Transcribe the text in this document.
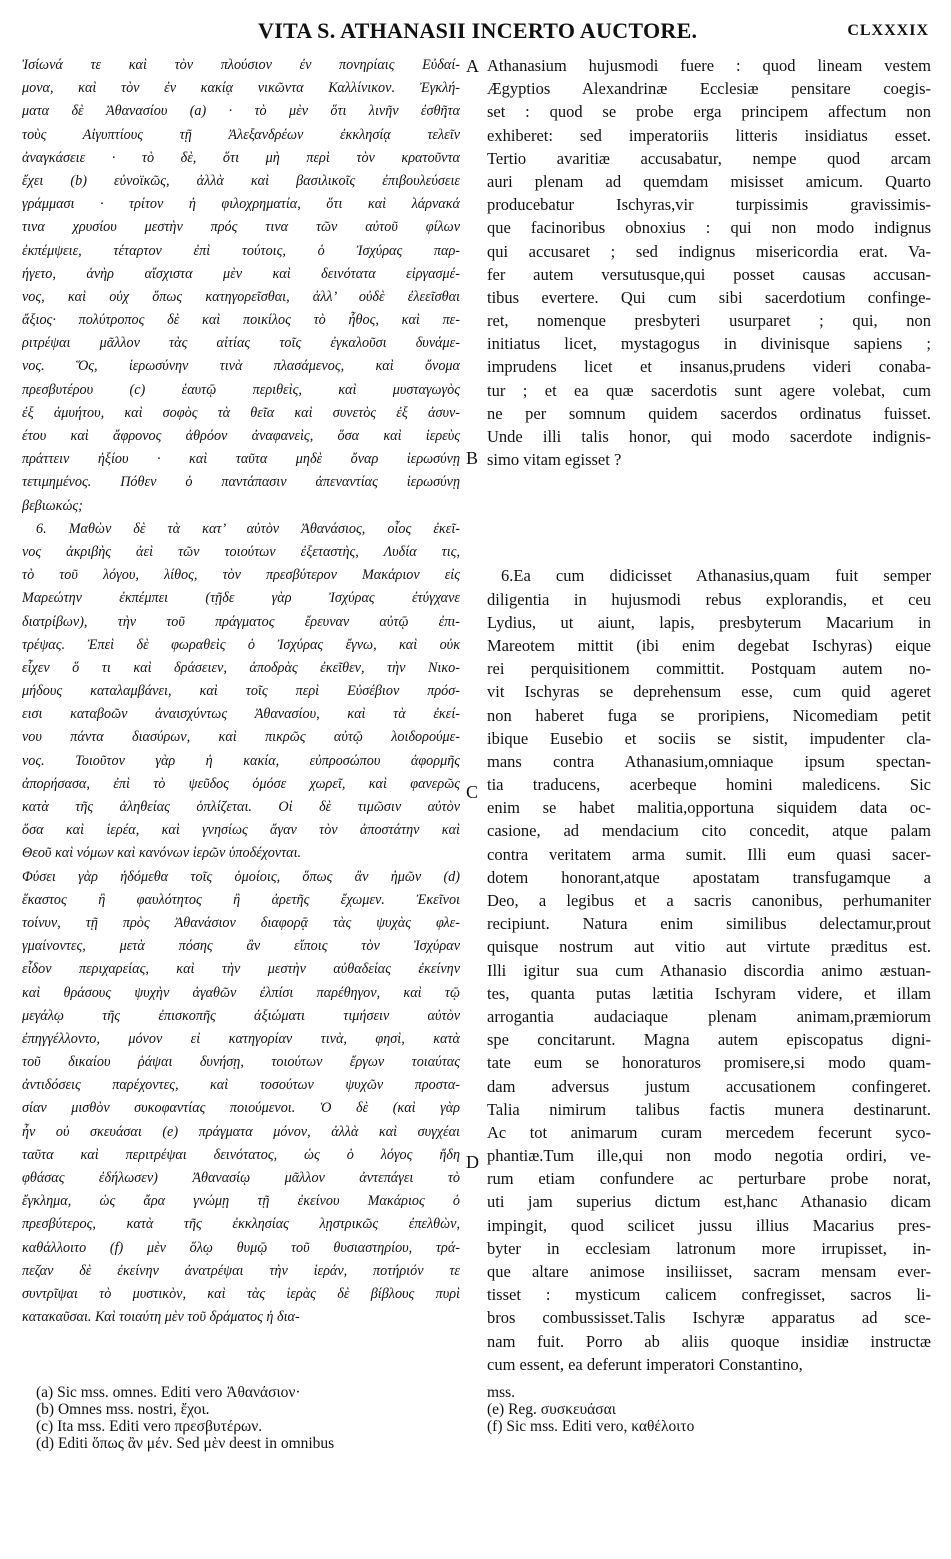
VITA S. ATHANASII INCERTO AUCTORE.	CLXXXIX
Ἰσίωνά τε καὶ τὸν πλούσιον ἐν πονηρίαις Εὐδαί-
μονα, καὶ τὸν ἐν κακίᾳ νικῶντα Καλλίνικον. Ἐγκλή-
ματα δὲ Ἀθανασίου (a) · τὸ μὲν ὅτι λινῆν ἐσθῆτα
τοὺς Αἰγυπτίους τῇ Ἀλεξανδρέων ἐκκλησίᾳ τελεῖν
ἀναγκάσειε · τὸ δὲ, ὅτι μὴ περὶ τὸν κρατοῦντα
ἔχει (b) εὐνοϊκῶς, ἀλλὰ καὶ βασιλικοῖς ἐπιβουλεύσειε
γράμμασι · τρίτον ἡ φιλοχρηματία, ὅτι καὶ λάρνακά
τινα χρυσίου μεστὴν πρός τινα τῶν αὐτοῦ φίλων
ἐκπέμψειε, τέταρτον ἐπὶ τούτοις, ὁ Ἰσχύρας παρ-
ήγετο, ἀνὴρ αἴσχιστα μὲν καὶ δεινότατα εἰργασμέ-
νος, καὶ οὐχ ὅπως κατηγορεῖσθαι, ἀλλ’ οὐδὲ ἐλεεῖσθαι
ἄξιος· πολύτροπος δὲ καὶ ποικίλος τὸ ἦθος, καὶ πε-
ριτρέψαι μᾶλλον τὰς αἰτίας τοῖς ἐγκαλοῦσι δυνάμε-
νος. Ὅς, ἱερωσύνην τινὰ πλασάμενος, καὶ ὄνομα
πρεσβυτέρου (c) ἑαυτῷ περιθεὶς, καὶ μυσταγωγὸς
ἐξ ἀμυήτου, καὶ σοφὸς τὰ θεῖα καὶ συνετὸς ἐξ ἀσυν-
έτου καὶ ἄφρονος ἀθρόον ἀναφανεὶς, ὅσα καὶ ἱερεὺς
πράττειν ἠξίου · καὶ ταῦτα μηδὲ ὄναρ ἱερωσύνῃ
τετιμημένος. Πόθεν ὁ παντάπασιν ἀπεναντίας ἱερωσύνῃ
βεβιωκώς;
6. Μαθὼν δὲ τὰ κατ’ αὐτὸν Ἀθανάσιος, οἷος ἐκεῖ-
νος ἀκριβὴς ἀεὶ τῶν τοιούτων ἐξεταστὴς, Λυδία τις,
τὸ τοῦ λόγου, λίθος, τὸν πρεσβύτερον Μακάριον εἰς
Μαρεώτην ἐκπέμπει (τῇδε γὰρ Ἰσχύρας ἐτύγχανε
διατρίβων), τὴν τοῦ πράγματος ἔρευναν αὐτῷ ἐπι-
τρέψας. Ἐπεὶ δὲ φωραθεὶς ὁ Ἰσχύρας ἔγνω, καὶ οὐκ
εἶχεν ὅ τι καὶ δράσειεν, ἀποδρὰς ἐκεῖθεν, τὴν Νικο-
μήδους καταλαμβάνει, καὶ τοῖς περὶ Εὐσέβιον πρόσ-
εισι καταβοῶν ἀναισχύντως Ἀθανασίου, καὶ τὰ ἐκεί-
νου πάντα διασύρων, καὶ πικρῶς αὐτῷ λοιδορούμε-
νος. Τοιοῦτον γὰρ ἡ κακία, εὐπροσώπου ἀφορμῆς
ἀπορήσασα, ἐπὶ τὸ ψεῦδος ὁμόσε χωρεῖ, καὶ φανερῶς
κατὰ τῆς ἀληθείας ὁπλίζεται. Οἱ δὲ τιμῶσιν αὐτὸν
ὅσα καὶ ἱερέα, καὶ γνησίως ἄγαν τὸν ἀποστάτην καὶ
Θεοῦ καὶ νόμων καὶ κανόνων ἱερῶν ὑποδέχονται.
Φύσει γὰρ ἡδόμεθα τοῖς ὁμοίοις, ὅπως ἂν ἡμῶν (d)
ἕκαστος ἢ φαυλότητος ἢ ἀρετῆς ἔχωμεν. Ἐκεῖνοι
τοίνυν, τῇ πρὸς Ἀθανάσιον διαφορᾷ τὰς ψυχὰς φλε-
γμαίνοντες, μετὰ πόσης ἂν εἴποις τὸν Ἰσχύραν
εἶδον περιχαρείας, καὶ τὴν μεστὴν αὐθαδείας ἐκείνην
καὶ θράσους ψυχὴν ἀγαθῶν ἐλπίσι παρέθηγον, καὶ τῷ
μεγάλῳ τῆς ἐπισκοπῆς ἀξιώματι τιμήσειν αὐτὸν
ἐπηγγέλλοντο, μόνον εἰ κατηγορίαν τινὰ, φησὶ, κατὰ
τοῦ δικαίου ῥάψαι δυνήσῃ, τοιούτων ἔργων τοιαύτας
ἀντιδόσεις παρέχοντες, καὶ τοσούτων ψυχῶν προστα-
σίαν μισθὸν συκοφαντίας ποιούμενοι. Ὁ δὲ (καὶ γὰρ
ἦν οὐ σκευάσαι (e) πράγματα μόνον, ἀλλὰ καὶ συγχέαι
ταῦτα καὶ περιτρέψαι δεινότατος, ὡς ὁ λόγος ἤδη
φθάσας ἐδήλωσεν) Ἀθανασίῳ μᾶλλον ἀντεπάγει τὸ
ἔγκλημα, ὡς ἄρα γνώμῃ τῇ ἐκείνου Μακάριος ὁ
πρεσβύτερος, κατὰ τῆς ἐκκλησίας λῃστρικῶς ἐπελθὼν,
καθάλλοιτο (f) μὲν ὅλῳ θυμῷ τοῦ θυσιαστηρίου, τρά-
πεζαν δὲ ἐκείνην ἀνατρέψαι τὴν ἱεράν, ποτήριόν τε
συντρῖψαι τὸ μυστικὸν, καὶ τὰς ἱερὰς δὲ βίβλους πυρὶ
κατακαῦσαι. Καὶ τοιαύτη μὲν τοῦ δράματος ἡ δια-
Athanasium hujusmodi fuere : quod lineam vestem
Ægyptios Alexandrinæ Ecclesiæ pensitare coegis-
set : quod se probe erga principem affectum non
exhiberet: sed imperatoriis litteris insidiatus esset.
Tertio avaritiæ accusabatur, nempe quod arcam
auri plenam ad quemdam misisset amicum. Quarto
producebatur Ischyras,vir turpissimis gravissimis-
que facinoribus obnoxius : qui non modo indignus
qui accusaret ; sed indignus misericordia erat. Va-
fer autem versutusque,qui posset causas accusan-
tibus evertere. Qui cum sibi sacerdotium confinge-
ret, nomenque presbyteri usurparet ; qui, non
initiatus licet, mystagogus in divinisque sapiens ;
imprudens licet et insanus,prudens videri conaba-
tur ; et ea quæ sacerdotis sunt agere volebat, cum
ne per somnum quidem sacerdos ordinatus fuisset.
Unde illi talis honor, qui modo sacerdote indignis-
simo vitam egisset ?
6.Ea cum didicisset Athanasius,quam fuit semper
diligentia in hujusmodi rebus explorandis, et ceu
Lydius, ut aiunt, lapis, presbyterum Macarium in
Mareotem mittit (ibi enim degebat Ischyras) eique
rei perquisitionem committit. Postquam autem no-
vit Ischyras se deprehensum esse, cum quid ageret
non haberet fuga se proripiens, Nicomediam petit
ibique Eusebio et sociis se sistit, impudenter cla-
mans contra Athanasium,omniaque ipsum spectan-
tia traducens, acerbeque homini maledicens. Sic
enim se habet malitia,opportuna siquidem data oc-
casione, ad mendacium cito concedit, atque palam
contra veritatem arma sumit. Illi eum quasi sacer-
dotem honorant,atque apostatam transfugamque a
Deo, a legibus et a sacris canonibus, perhumaniter
recipiunt. Natura enim similibus delectamur,prout
quisque nostrum aut vitio aut virtute præditus est.
Illi igitur sua cum Athanasio discordia animo æstuan-
tes, quanta putas lætitia Ischyram videre, et illam
arrogantia audaciaque plenam animam,præmiorum
spe concitarunt. Magna autem episcopatus digni-
tate eum se honoraturos promisere,si modo quam-
dam adversus justum accusationem confingeret.
Talia nimirum talibus factis munera destinarunt.
Ac tot animarum curam mercedem fecerunt syco-
phantiæ.Tum ille,qui non modo negotia ordiri, ve-
rum etiam confundere ac perturbare probe norat,
uti jam superius dictum est,hanc Athanasio dicam
impingit, quod scilicet jussu illius Macarius pres-
byter in ecclesiam latronum more irrupisset, in-
que altare animose insiliisset, sacram mensam ever-
tisset : mysticum calicem confregisset, sacros li-
bros combussisset.Talis Ischyræ apparatus ad sce-
nam fuit. Porro ab aliis quoque insidiæ instructæ
cum essent, ea deferunt imperatori Constantino,
A
B
C
D
(a) Sic mss. omnes. Editi vero Ἀθανάσιον·
(b) Omnes mss. nostri, ἔχοι.
(c) Ita mss. Editi vero πρεσβυτέρων.
(d) Editi ὅπως ἂν μέν. Sed μὲν deest in omnibus
mss.
(e) Reg. συσκευάσαι
(f) Sic mss. Editi vero, καθέλοιτο
